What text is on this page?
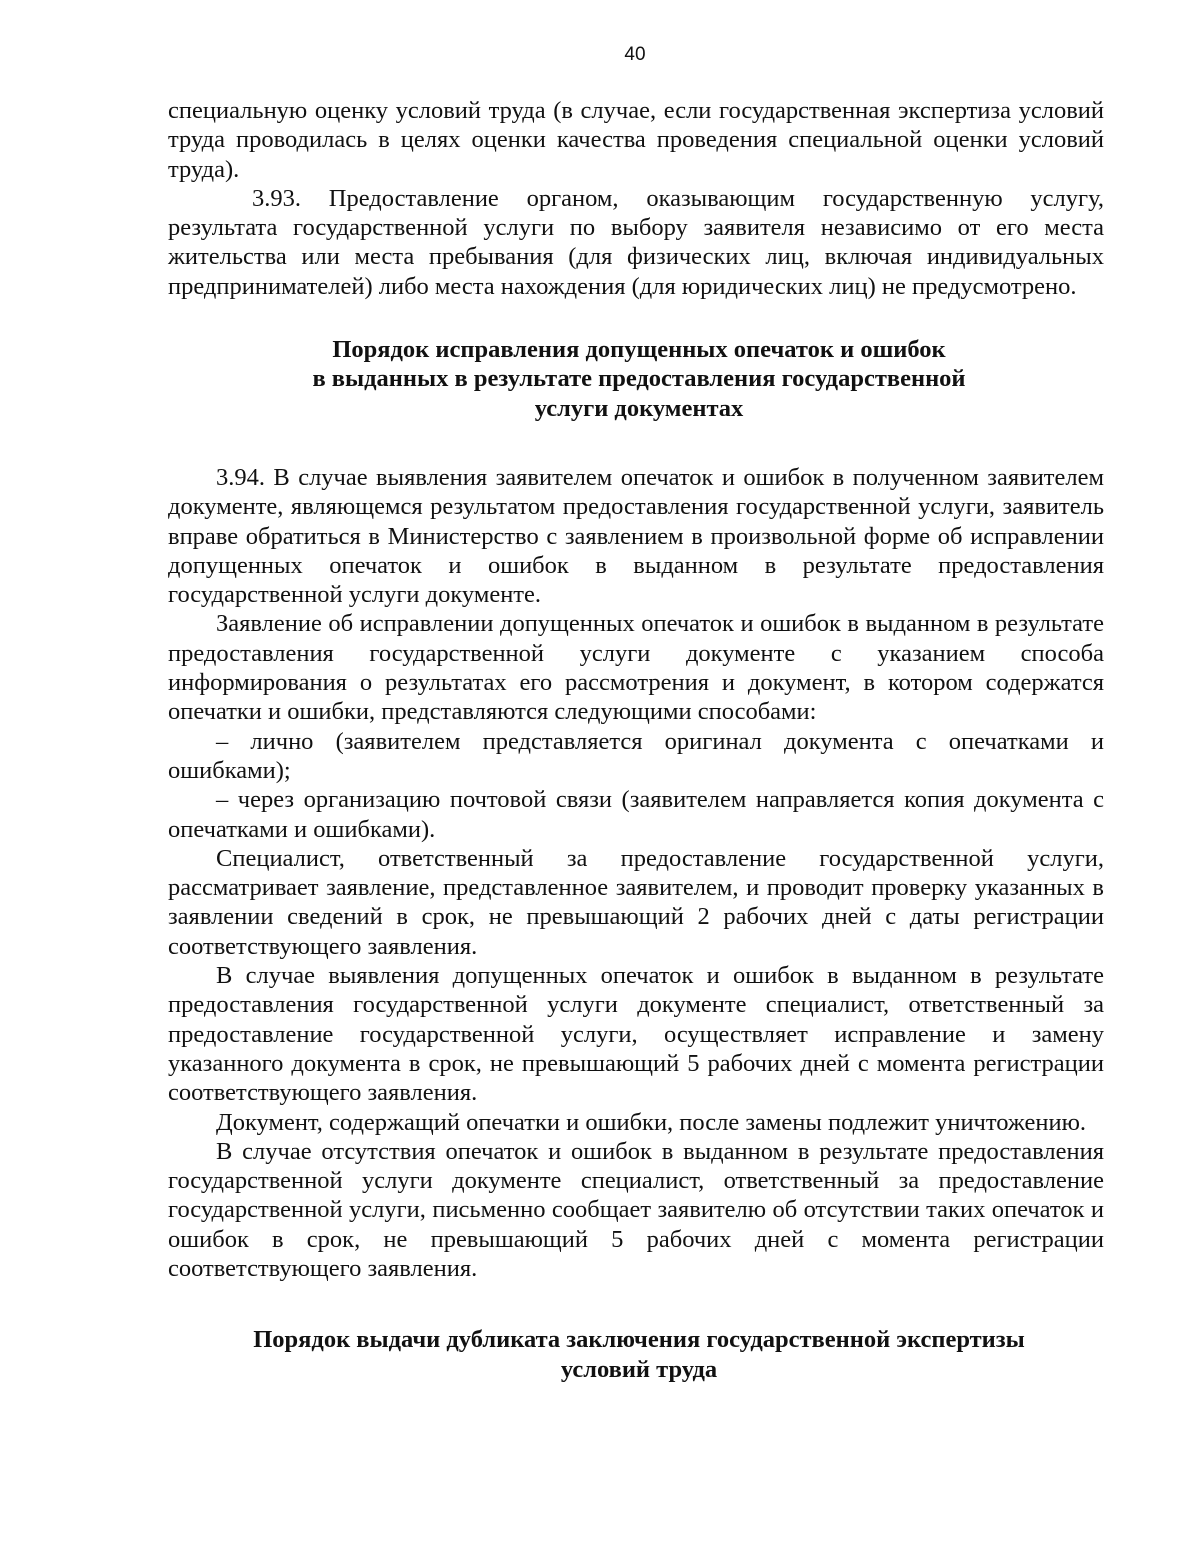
40

специальную оценку условий труда (в случае, если государственная экспертиза условий труда проводилась в целях оценки качества проведения специальной оценки условий труда).

3.93. Предоставление органом, оказывающим государственную услугу, результата государственной услуги по выбору заявителя независимо от его места жительства или места пребывания (для физических лиц, включая индивидуальных предпринимателей) либо места нахождения (для юридических лиц) не предусмотрено.

Порядок исправления допущенных опечаток и ошибок
в выданных в результате предоставления государственной
услуги документах

3.94. В случае выявления заявителем опечаток и ошибок в полученном заявителем документе, являющемся результатом предоставления государственной услуги, заявитель вправе обратиться в Министерство с заявлением в произвольной форме об исправлении допущенных опечаток и ошибок в выданном в результате предоставления государственной услуги документе.

Заявление об исправлении допущенных опечаток и ошибок в выданном в результате предоставления государственной услуги документе с указанием способа информирования о результатах его рассмотрения и документ, в котором содержатся опечатки и ошибки, представляются следующими способами:

– лично (заявителем представляется оригинал документа с опечатками и ошибками);

– через организацию почтовой связи (заявителем направляется копия документа с опечатками и ошибками).

Специалист, ответственный за предоставление государственной услуги, рассматривает заявление, представленное заявителем, и проводит проверку указанных в заявлении сведений в срок, не превышающий 2 рабочих дней с даты регистрации соответствующего заявления.

В случае выявления допущенных опечаток и ошибок в выданном в результате предоставления государственной услуги документе специалист, ответственный за предоставление государственной услуги, осуществляет исправление и замену указанного документа в срок, не превышающий 5 рабочих дней с момента регистрации соответствующего заявления.

Документ, содержащий опечатки и ошибки, после замены подлежит уничтожению.

В случае отсутствия опечаток и ошибок в выданном в результате предоставления государственной услуги документе специалист, ответственный за предоставление государственной услуги, письменно сообщает заявителю об отсутствии таких опечаток и ошибок в срок, не превышающий 5 рабочих дней с момента регистрации соответствующего заявления.

Порядок выдачи дубликата заключения государственной экспертизы
условий труда
